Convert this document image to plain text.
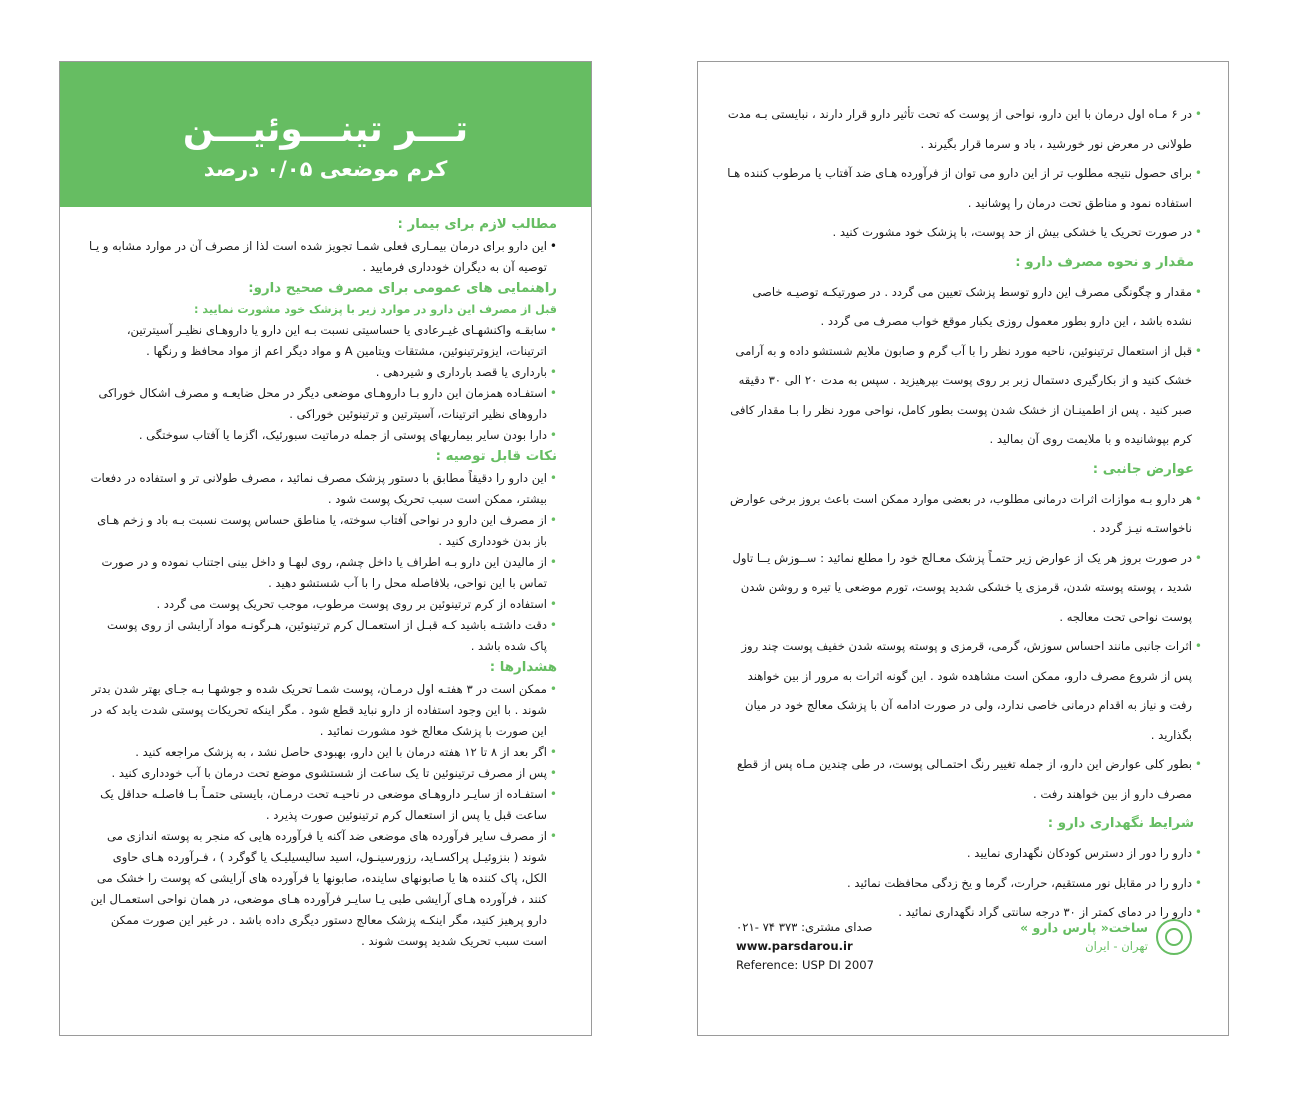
تـــر تینـــوئیـــن
کرم موضعی ۰/۰۵ درصد
مطالب لازم برای بیمار :
•
این دارو برای درمان بیمـاری فعلی شمـا تجویز شده است لذا از مصرف آن در موارد مشابه و یـا توصیه آن به دیگران خودداری فرمایید .
راهنمایی های عمومی برای مصرف صحیح دارو:
قبل از مصرف این دارو در موارد زیر با پزشک خود مشورت نمایید :
•
سابقـه واکنشهـای غیـرعادی یا حساسیتی نسبت بـه این دارو یا داروهـای نظیـر آسیترتین، اترتینات، ایزوترتینوئین، مشتقات ویتامین A و مواد دیگر اعم از مواد محافظ و رنگها .
•
بارداری یا قصد بارداری و شیردهی .
•
استفـاده همزمان این دارو بـا داروهـای موضعی دیگر در محل ضایعـه و مصرف اشکال خوراکی داروهای نظیر اترتینات، آسیترتین و ترتینوئین خوراکی .
•
دارا بودن سایر بیماریهای پوستی از جمله درماتیت سبورئیک، اگزما یا آفتاب سوختگی .
نکات قابل توصیه :
•
این دارو را دقیقاً مطابق با دستور پزشک مصرف نمائید ، مصرف طولانی تر و استفاده در دفعات بیشتر، ممکن است سبب تحریک پوست شود .
•
از مصرف این دارو در نواحی آفتاب سوخته، یا مناطق حساس پوست نسبت بـه باد و زخم هـای باز بدن خودداری کنید .
•
از مالیدن این دارو بـه اطراف یا داخل چشم، روی لبهـا و داخل بینی اجتناب نموده و در صورت تماس با این نواحی، بلافاصله محل را با آب شستشو دهید .
•
استفاده از کرم ترتینوئین بر روی پوست مرطوب، موجب تحریک پوست می گردد .
•
دقت داشتـه باشید کـه قبـل از استعمـال کرم ترتینوئین، هـرگونـه مواد آرایشی از روی پوست پاک شده باشد .
هشدارها :
•
ممکن است در ۳ هفتـه اول درمـان، پوست شمـا تحریک شده و جوشهـا بـه جـای بهتر شدن بدتر شوند . با این وجود استفاده از دارو نباید قطع شود . مگر اینکه تحریکات پوستی شدت یابد که در این صورت با پزشک معالج خود مشورت نمائید .
•
اگر بعد از ۸ تا ۱۲ هفته درمان با این دارو، بهبودی حاصل نشد ، به پزشک مراجعه کنید .
•
پس از مصرف ترتینوئین تا یک ساعت از شستشوی موضع تحت درمان با آب خودداری کنید .
•
استفـاده از سایـر داروهـای موضعی در ناحیـه تحت درمـان، بایستی حتمـاً بـا فاصلـه حداقل یک ساعت قبل یا پس از استعمال کرم ترتینوئین صورت پذیرد .
•
از مصرف سایر فرآورده های موضعی ضد آکنه یا فرآورده هایی که منجر به پوسته اندازی می شوند ( بنزوئیـل پراکسـاید، رزورسینـول، اسید سالیسیلیـک یا گوگرد ) ، فـرآورده هـای حاوی الکل، پاک کننده ها یا صابونهای ساینده، صابونها یا فرآورده های آرایشی که پوست را خشک می کنند ، فرآورده هـای آرایشی طبی یـا سایـر فرآورده هـای موضعی، در همان نواحی استعمـال این دارو پرهیز کنید، مگر اینکـه پزشک معالج دستور دیگری داده باشد . در غیر این صورت ممکن است سبب تحریک شدید پوست شوند .
•
در ۶ مـاه اول درمان با این دارو، نواحی از پوست که تحت تأثیر دارو قرار دارند ، نبایستی بـه مدت طولانی در معرض نور خورشید ، باد و سرما قرار بگیرند .
•
برای حصول نتیجه مطلوب تر از این دارو می توان از فرآورده هـای ضد آفتاب یا مرطوب کننده هـا استفاده نمود و مناطق تحت درمان را پوشانید .
•
در صورت تحریک یا خشکی بیش از حد پوست، با پزشک خود مشورت کنید .
مقدار و نحوه مصرف دارو :
•
مقدار و چگونگی مصرف این دارو توسط پزشک تعیین می گردد . در صورتیکـه توصیـه خاصی نشده باشد ، این دارو بطور معمول روزی یکبار موقع خواب مصرف می گردد .
•
قبل از استعمال ترتینوئین، ناحیه مورد نظر را با آب گرم و صابون ملایم شستشو داده و به آرامی خشک کنید و از بکارگیری دستمال زبر بر روی پوست بپرهیزید . سپس به مدت ۲۰ الی ۳۰ دقیقه صبر کنید . پس از اطمینـان از خشک شدن پوست بطور کامل، نواحی مورد نظر را بـا مقدار کافی کرم بپوشانیده و با ملایمت روی آن بمالید .
عوارض جانبی :
•
هر دارو بـه موازات اثرات درمانی مطلوب، در بعضی موارد ممکن است باعث بروز برخی عوارض ناخواستـه نیـز گردد .
•
در صورت بروز هر یک از عوارض زیر حتمـاً پزشک معـالج خود را مطلع نمائید : ســوزش یــا تاول شدید ، پوسته پوسته شدن، قرمزی یا خشکی شدید پوست، تورم موضعی یا تیره و روشن شدن پوست نواحی تحت معالجه .
•
اثرات جانبی مانند احساس سوزش، گرمی، قرمزی و پوسته پوسته شدن خفیف پوست چند روز پس از شروع مصرف دارو، ممکن است مشاهده شود . این گونه اثرات به مرور از بین خواهند رفت و نیاز به اقدام درمانی خاصی ندارد، ولی در صورت ادامه آن با پزشک معالج خود در میان بگذارید .
•
بطور کلی عوارض این دارو، از جمله تغییر رنگ احتمـالی پوست، در طی چندین مـاه پس از قطع مصرف دارو از بین خواهند رفت .
شرایط نگهداری دارو :
•
دارو را دور از دسترس کودکان نگهداری نمایید .
•
دارو را در مقابل نور مستقیم، حرارت، گرما و یخ زدگی محافظت نمائید .
•
دارو را در دمای کمتر از ۳۰ درجه سانتی گراد نگهداری نمائید .
صدای مشتری: ۳۷۳ ۷۴ -۰۲۱
www.parsdarou.ir
Reference: USP DI 2007
ساخت« پارس دارو »
تهران - ایران
